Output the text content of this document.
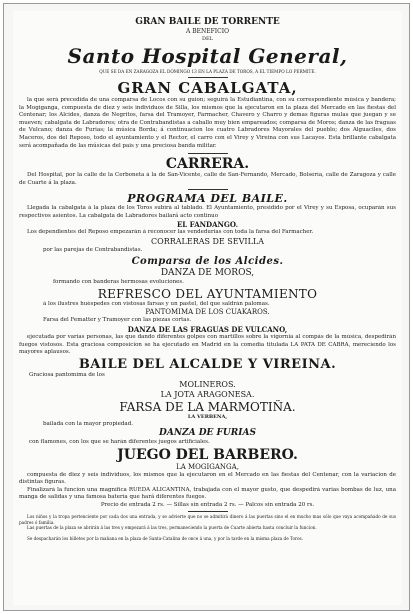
GRAN BAILE DE TORRENTE
A BENEFICIO
DEL
Santo Hospital General,
QUE SE DA EN ZARAGOZA EL DOMINGO 13 EN LA PLAZA DE TOROS, A EL TIEMPO LO PERMITE.
GRAN CABALGATA,
la que será precedida de una comparsa de Locos con su guion; seguirá la Estudiantina, con su correspondiente música y bandera; la Mogiganga, compuesta de diez y seis individuos de Silla, los mismos que la ejecutaron en la plaza del Mercado en las fiestas del Centenar; los Alcides, danza de Negritos, farsa del Tramoyer, Farmacher, Chavero y Charro y demas figuras mulas que juegan y se mueven; cabalgata de Labradores; otra de Contrabandistas a caballo muy bien empareados; comparsa de Moros; danza de las fraguas de Vulcano; danza de Furias; la música Borda; á continuacion los cuatro Labradores Mayorales del pueblo; dos Alguaciles, dos Maceros, dos del Reposo, todo el ayuntamiento y el Rector, el carro con el Virey y Vireina con sus Lacayos. Esta brillante cabalgata será acompañada de las músicas del pais y una preciosa banda militar.
CARRERA.
Del Hospital, por la calle de la Cerboneta á la de San-Vicente, calle de San-Fernando, Mercado, Bolsería, calle de Zaragoza y calle de Cuarte á la plaza.
PROGRAMA DEL BAILE.
Llegada la cabalgata á la plaza de los Toros subirá al tablado. El Ayuntamiento, presidido por el Virey y su Esposa, ocuparán sus respectivos asientos. La cabalgata de Labradores bailará acto continuo
EL FANDANGO.
Los dependientes del Reposo empezarán á reconocer las vendedurias con toda la farsa del Farmacher.
CORRALERAS DE SEVILLA
por las parejas de Contrabandistas.
Comparsa de los Alcides.
DANZA DE MOROS,
formando con banderas hermosas evoluciones.
REFRESCO DEL AYUNTAMIENTO
á los ilustres huéspedes con vistosas farsas y un pastel, del que saldrán palomas.
PANTOMIMA DE LOS CUAKAROS.
Farsa del Fematter y Tramoyer con las piezas cortas.
DANZA DE LAS FRAGUAS DE VULCANO,
ejecutada por varias personas, las que dando diferentes golpes con martillos sobre la vigornia al compás de la música, despedirán fuegos vistosos. Esta graciosa composicion se ha ejecutado en Madrid en la comedia titulada LA PATA DE CABRA, mereciendo los mayores aplausos.
BAILE DEL ALCALDE Y VIREINA.
Graciosa pantomima de los
MOLINEROS.
LA JOTA ARAGONESA.
FARSA DE LA MARMOTIÑA.
LA VERBENA,
bailada con la mayor propiedad.
DANZA DE FURIAS
con flamones, con los que se harán diferentes juegos artificiales.
JUEGO DEL BARBERO.
LA MOGIGANGA,
compuesta de diez y seis individuos, los mismos que la ejecutaron en el Mercado en las fiestas del Centenar, con la variacion de distintas figuras.
Finalizará la funcion una magnífica RUEDA ALICANTINA, trabajada con el mayor gusto, que despedirá varias bombas de luz, una manga de salidas y una famosa bateria que hará diferentes fuegos.
Precio de entrada 2 rs. — Sillas sin entrada 2 rs. — Palcos sin entrada 20 rs.
Los niños y la tropa pertenciente por cada dos una entrada, y se advierte que no se admitirá dinero á las puertas sino el en mucho mas sólo que vaya acompañado de sus padres ó familia.
Las puertas de la plaza se abrirán á las tres y empezará á las tres, permaneciendo la puerta de Cuarte abierta hasta concluir la funcion.
Se despacharán los billetes por la mañana en la plaza de Santa-Catalina de once á una, y por la tarde en la misma plaza de Toros.
